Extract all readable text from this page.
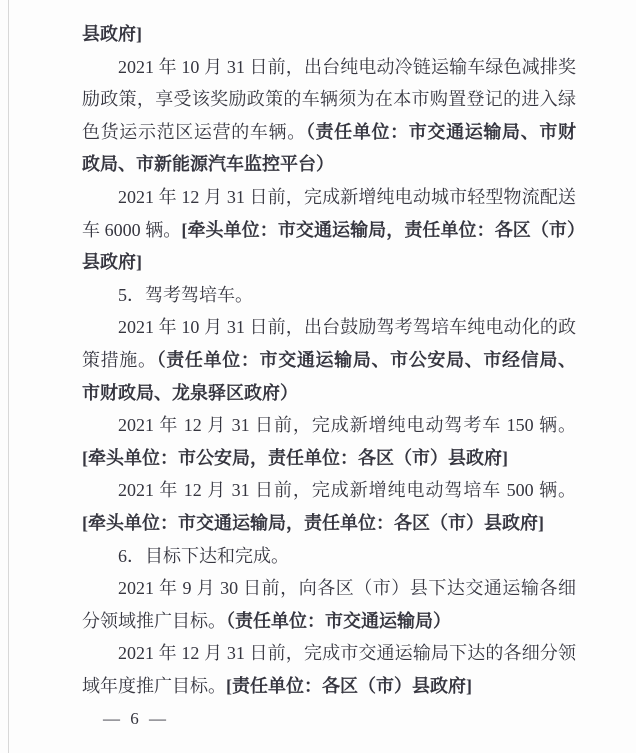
县政府]

2021 年 10 月 31 日前，出台纯电动冷链运输车绿色减排奖励政策，享受该奖励政策的车辆须为在本市购置登记的进入绿色货运示范区运营的车辆。（责任单位：市交通运输局、市财政局、市新能源汽车监控平台）

2021 年 12 月 31 日前，完成新增纯电动城市轻型物流配送车 6000 辆。[牵头单位：市交通运输局，责任单位：各区（市）县政府]

5．驾考驾培车。

2021 年 10 月 31 日前，出台鼓励驾考驾培车纯电动化的政策措施。（责任单位：市交通运输局、市公安局、市经信局、市财政局、龙泉驿区政府）

2021 年 12 月 31 日前，完成新增纯电动驾考车 150 辆。[牵头单位：市公安局，责任单位：各区（市）县政府]

2021 年 12 月 31 日前，完成新增纯电动驾培车 500 辆。[牵头单位：市交通运输局，责任单位：各区（市）县政府]

6．目标下达和完成。

2021 年 9 月 30 日前，向各区（市）县下达交通运输各细分领域推广目标。（责任单位：市交通运输局）

2021 年 12 月 31 日前，完成市交通运输局下达的各细分领域年度推广目标。[责任单位：各区（市）县政府]

— 6 —
